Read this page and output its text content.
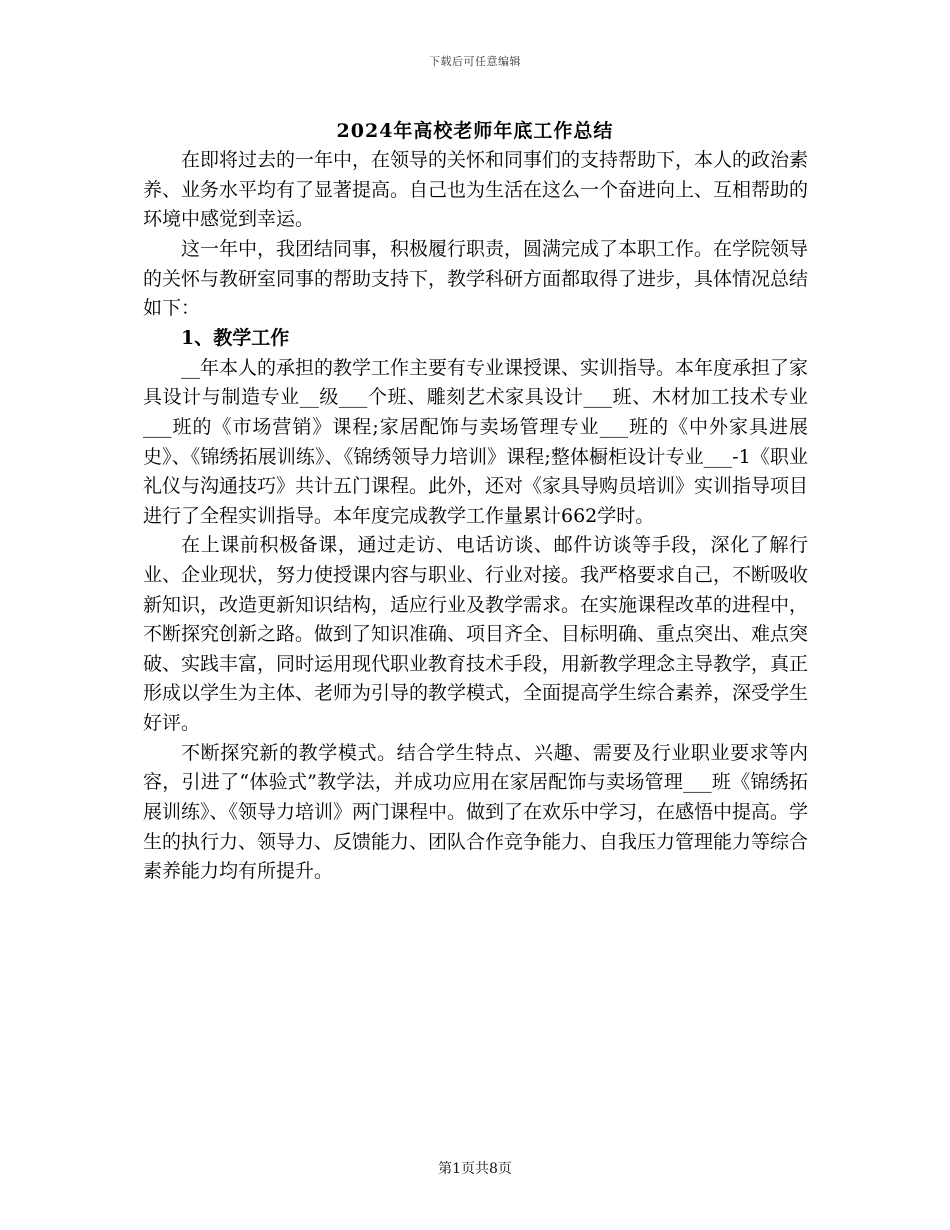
下载后可任意编辑
2024年高校老师年底工作总结

在即将过去的一年中，在领导的关怀和同事们的支持帮助下，本人的政治素养、业务水平均有了显著提高。自己也为生活在这么一个奋进向上、互相帮助的环境中感觉到幸运。

这一年中，我团结同事，积极履行职责，圆满完成了本职工作。在学院领导的关怀与教研室同事的帮助支持下，教学科研方面都取得了进步，具体情况总结如下：

1、教学工作

__年本人的承担的教学工作主要有专业课授课、实训指导。本年度承担了家具设计与制造专业__级___个班、雕刻艺术家具设计___班、木材加工技术专业___班的《市场营销》课程;家居配饰与卖场管理专业___班的《中外家具进展史》、《锦绣拓展训练》、《锦绣领导力培训》课程;整体橱柜设计专业___-1《职业礼仪与沟通技巧》共计五门课程。此外，还对《家具导购员培训》实训指导项目进行了全程实训指导。本年度完成教学工作量累计662学时。

在上课前积极备课，通过走访、电话访谈、邮件访谈等手段，深化了解行业、企业现状，努力使授课内容与职业、行业对接。我严格要求自己，不断吸收新知识，改造更新知识结构，适应行业及教学需求。在实施课程改革的进程中，不断探究创新之路。做到了知识准确、项目齐全、目标明确、重点突出、难点突破、实践丰富，同时运用现代职业教育技术手段，用新教学理念主导教学，真正形成以学生为主体、老师为引导的教学模式，全面提高学生综合素养，深受学生好评。

不断探究新的教学模式。结合学生特点、兴趣、需要及行业职业要求等内容，引进了“体验式”教学法，并成功应用在家居配饰与卖场管理___班《锦绣拓展训练》、《领导力培训》两门课程中。做到了在欢乐中学习，在感悟中提高。学生的执行力、领导力、反馈能力、团队合作竞争能力、自我压力管理能力等综合素养能力均有所提升。

第1页共8页
